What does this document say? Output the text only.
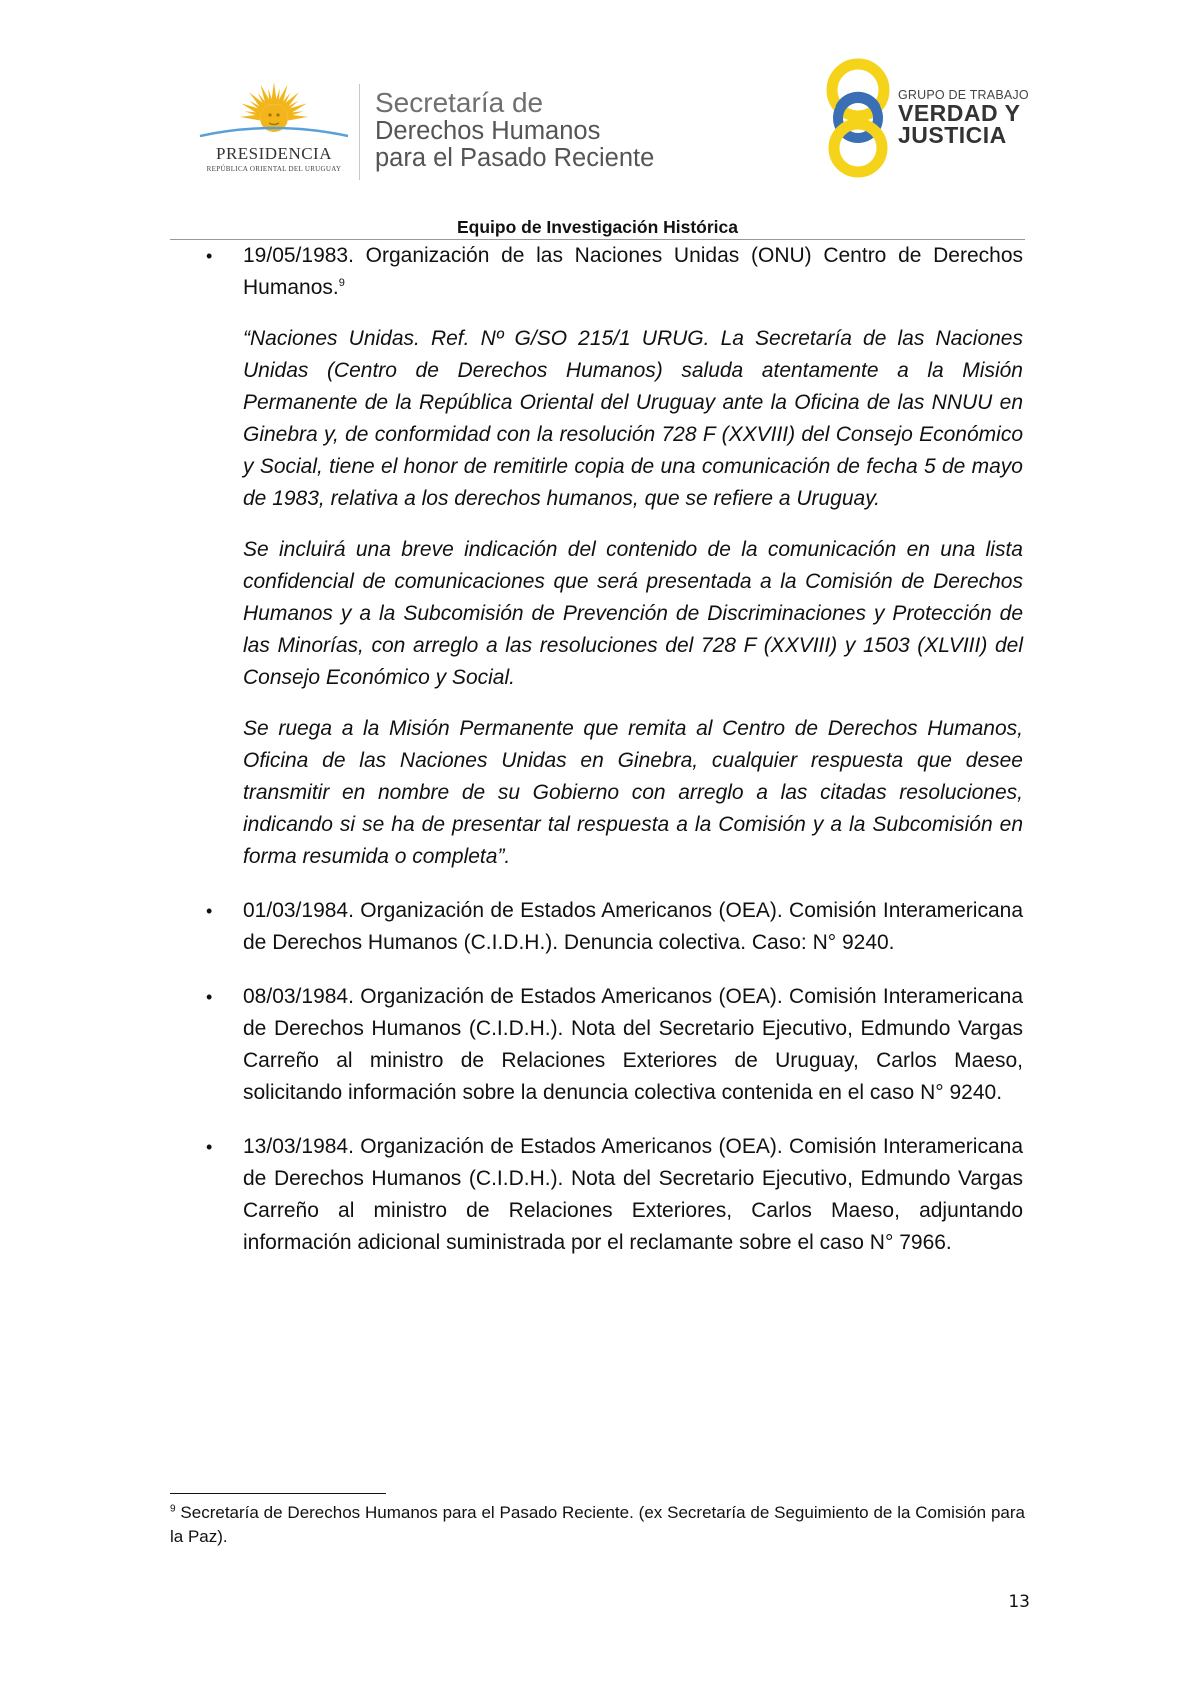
PRESIDENCIA
REPÚBLICA ORIENTAL DEL URUGUAY
Secretaría de
Derechos Humanos
para el Pasado Reciente
GRUPO DE TRABAJO
VERDAD Y
JUSTICIA
Equipo de Investigación Histórica
• 19/05/1983. Organización de las Naciones Unidas (ONU) Centro de Derechos Humanos.$^9$

“Naciones Unidas. Ref. Nº G/SO 215/1 URUG. La Secretaría de las Naciones Unidas (Centro de Derechos Humanos) saluda atentamente a la Misión Permanente de la República Oriental del Uruguay ante la Oficina de las NNUU en Ginebra y, de conformidad con la resolución 728 F (XXVIII) del Consejo Económico y Social, tiene el honor de remitirle copia de una comunicación de fecha 5 de mayo de 1983, relativa a los derechos humanos, que se refiere a Uruguay.

Se incluirá una breve indicación del contenido de la comunicación en una lista confidencial de comunicaciones que será presentada a la Comisión de Derechos Humanos y a la Subcomisión de Prevención de Discriminaciones y Protección de las Minorías, con arreglo a las resoluciones del 728 F (XXVIII) y 1503 (XLVIII) del Consejo Económico y Social.

Se ruega a la Misión Permanente que remita al Centro de Derechos Humanos, Oficina de las Naciones Unidas en Ginebra, cualquier respuesta que desee transmitir en nombre de su Gobierno con arreglo a las citadas resoluciones, indicando si se ha de presentar tal respuesta a la Comisión y a la Subcomisión en forma resumida o completa”.

• 01/03/1984. Organización de Estados Americanos (OEA). Comisión Interamericana de Derechos Humanos (C.I.D.H.). Denuncia colectiva. Caso: N° 9240.

• 08/03/1984. Organización de Estados Americanos (OEA). Comisión Interamericana de Derechos Humanos (C.I.D.H.). Nota del Secretario Ejecutivo, Edmundo Vargas Carreño al ministro de Relaciones Exteriores de Uruguay, Carlos Maeso, solicitando información sobre la denuncia colectiva contenida en el caso N° 9240.

• 13/03/1984. Organización de Estados Americanos (OEA). Comisión Interamericana de Derechos Humanos (C.I.D.H.). Nota del Secretario Ejecutivo, Edmundo Vargas Carreño al ministro de Relaciones Exteriores, Carlos Maeso, adjuntando información adicional suministrada por el reclamante sobre el caso N° 7966.

$^9$ Secretaría de Derechos Humanos para el Pasado Reciente. (ex Secretaría de Seguimiento de la Comisión para la Paz).
13
